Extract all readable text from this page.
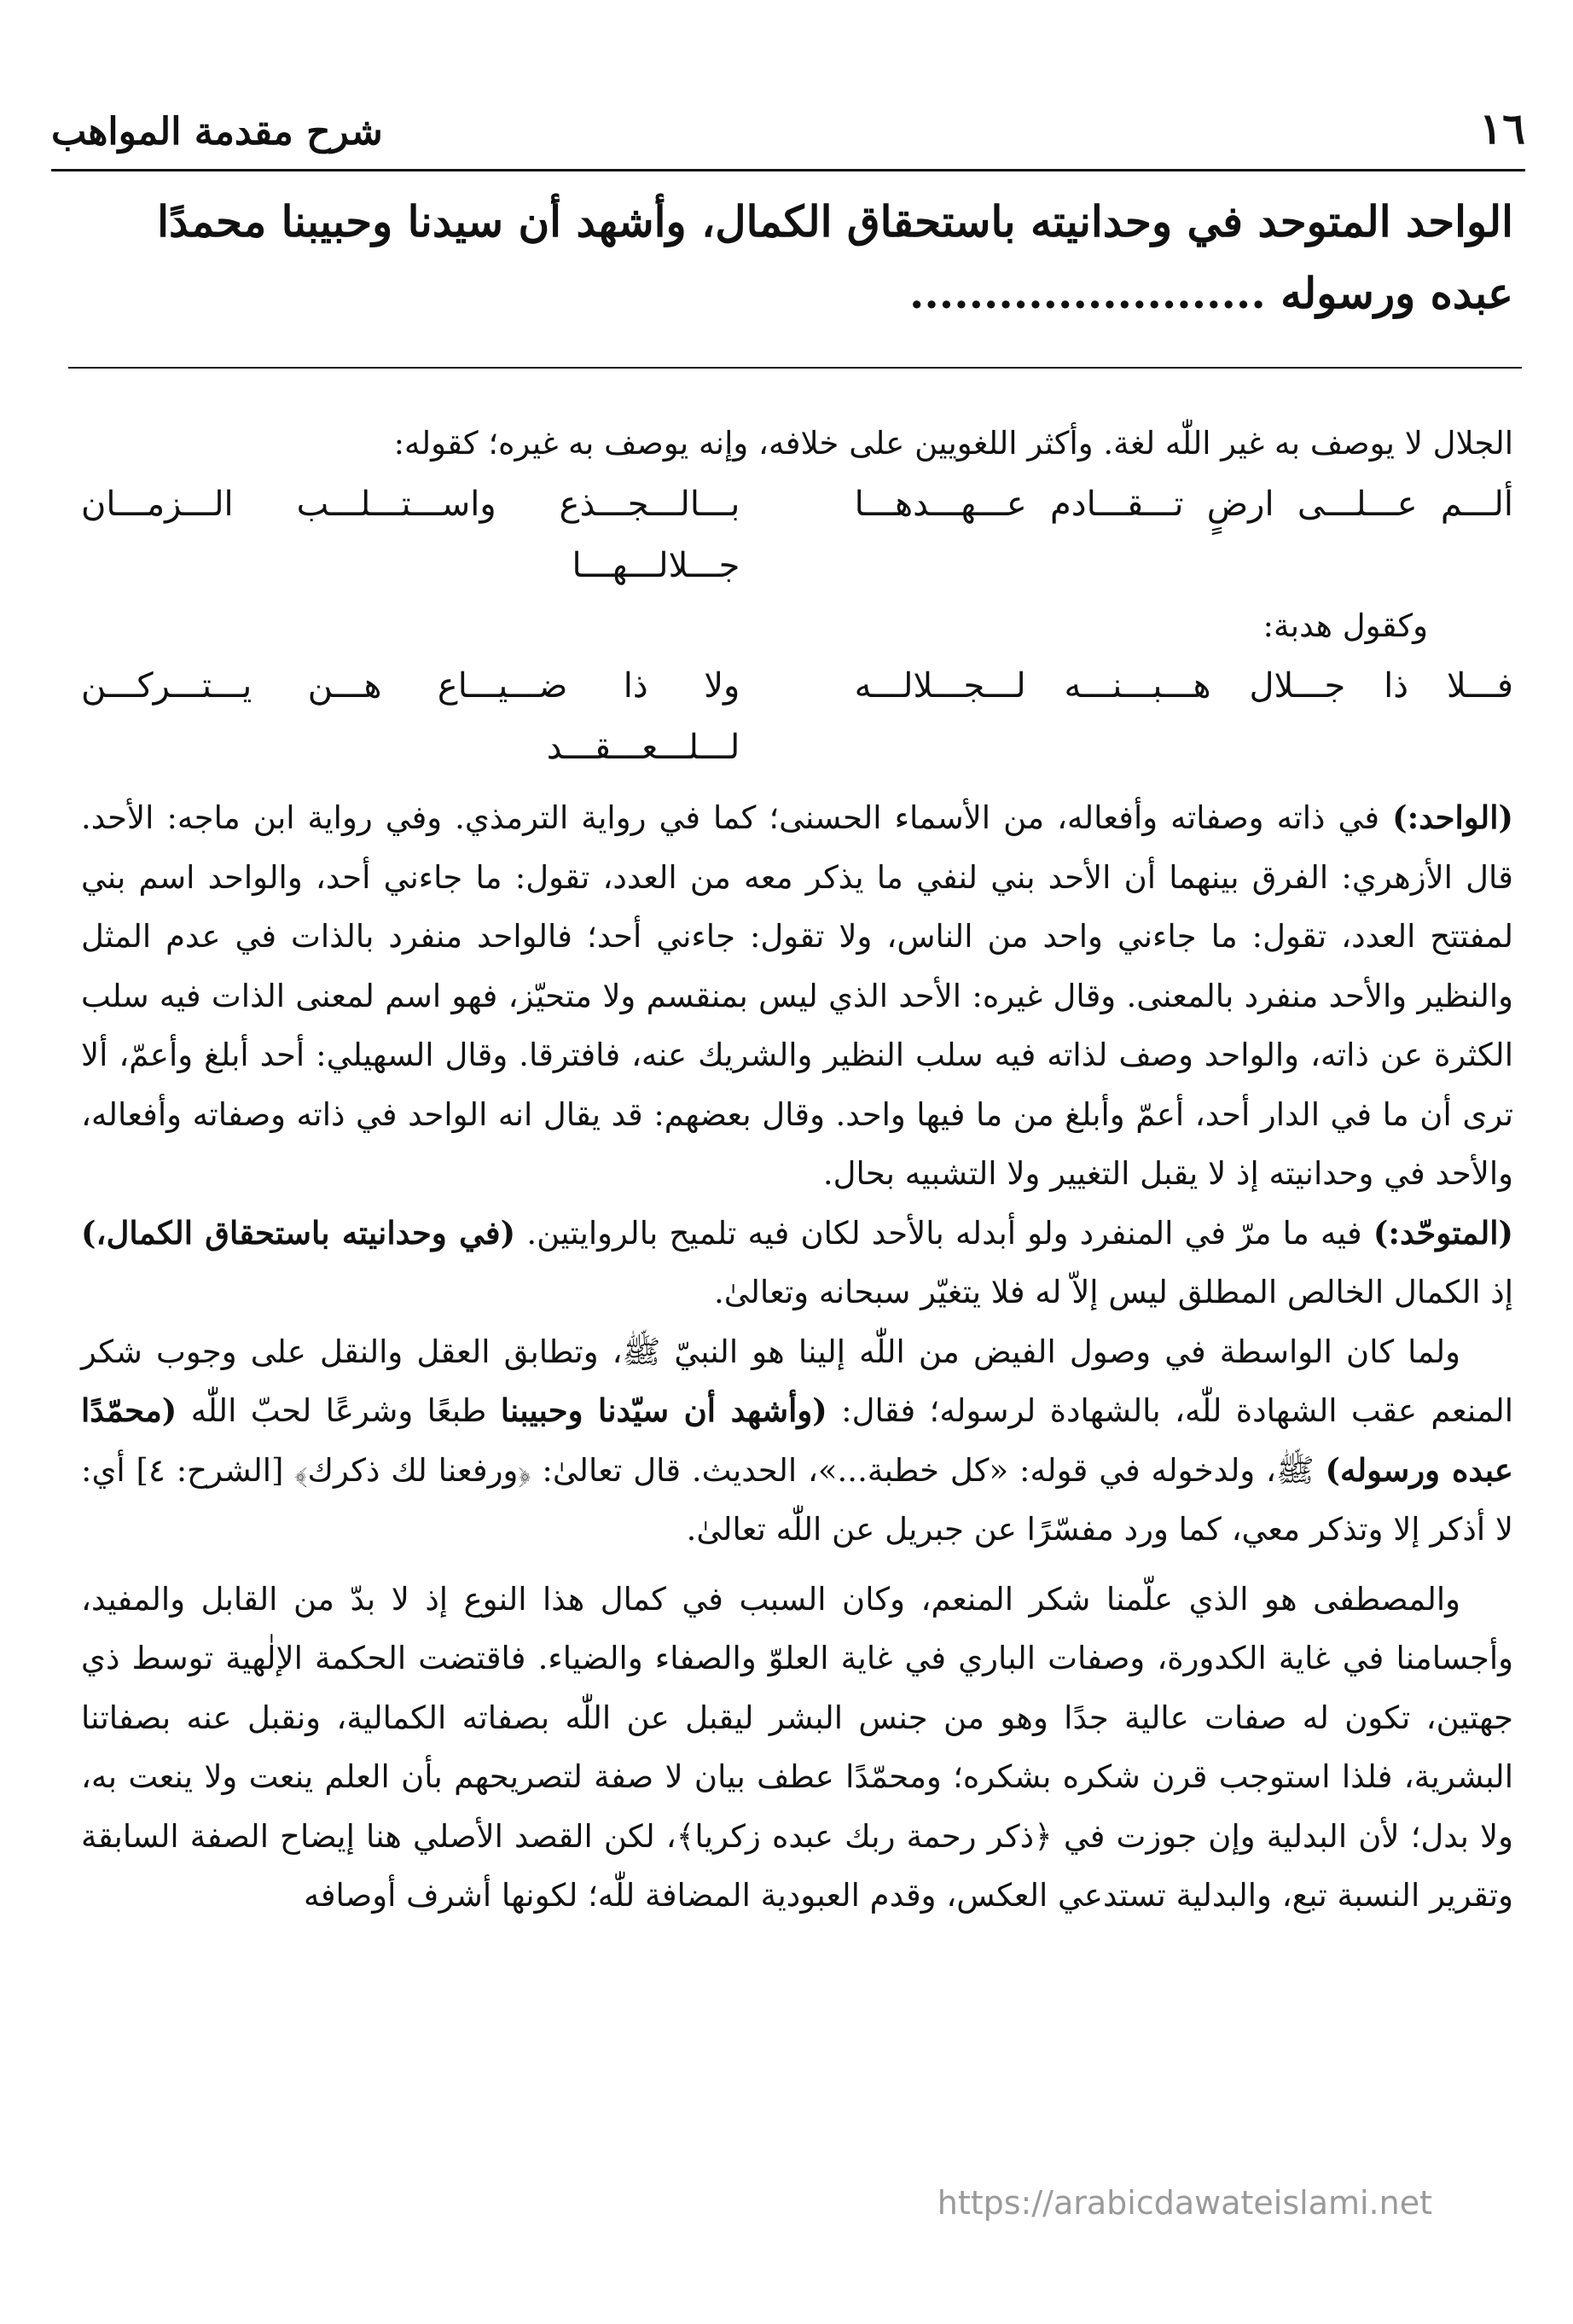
١٦
شرح مقدمة المواهب
الواحد المتوحد في وحدانيته باستحقاق الكمال، وأشهد أن سيدنا وحبيبنا محمدًا
عبده ورسوله ........................

الجلال لا يوصف به غير اللّٰه لغة. وأكثر اللغويين على خلافه، وإنه يوصف به غيره؛ كقوله:

ألـــم عـــلـــى ارضٍ تـــقـــادم عـــهـــدهـــا
بـــالـــجـــذع واســـتـــلـــب الـــزمـــان جـــلالـــهـــا

وكقول هدبة:

فـــلا ذا جـــلال هـــبـــنـــه لـــجـــلالـــه
ولا ذا ضـــيـــاع هـــن يـــتـــركـــن لـــلـــعـــقـــد

(الواحد:) في ذاته وصفاته وأفعاله، من الأسماء الحسنى؛ كما في رواية الترمذي. وفي رواية ابن ماجه: الأحد. قال الأزهري: الفرق بينهما أن الأحد بني لنفي ما يذكر معه من العدد، تقول: ما جاءني أحد، والواحد اسم بني لمفتتح العدد، تقول: ما جاءني واحد من الناس، ولا تقول: جاءني أحد؛ فالواحد منفرد بالذات في عدم المثل والنظير والأحد منفرد بالمعنى. وقال غيره: الأحد الذي ليس بمنقسم ولا متحيّز، فهو اسم لمعنى الذات فيه سلب الكثرة عن ذاته، والواحد وصف لذاته فيه سلب النظير والشريك عنه، فافترقا. وقال السهيلي: أحد أبلغ وأعمّ، ألا ترى أن ما في الدار أحد، أعمّ وأبلغ من ما فيها واحد. وقال بعضهم: قد يقال انه الواحد في ذاته وصفاته وأفعاله، والأحد في وحدانيته إذ لا يقبل التغيير ولا التشبيه بحال.

(المتوحّد:) فيه ما مرّ في المنفرد ولو أبدله بالأحد لكان فيه تلميح بالروايتين. (في وحدانيته باستحقاق الكمال،) إذ الكمال الخالص المطلق ليس إلاّ له فلا يتغيّر سبحانه وتعالىٰ.

ولما كان الواسطة في وصول الفيض من اللّٰه إلينا هو النبيّ ﷺ، وتطابق العقل والنقل على وجوب شكر المنعم عقب الشهادة للّٰه، بالشهادة لرسوله؛ فقال: (وأشهد أن سيّدنا وحبيبنا طبعًا وشرعًا لحبّ اللّٰه (محمّدًا عبده ورسوله) ﷺ، ولدخوله في قوله: «كل خطبة...»، الحديث. قال تعالىٰ: ﴿ورفعنا لك ذكرك﴾ [الشرح: ٤] أي: لا أذكر إلا وتذكر معي، كما ورد مفسّرًا عن جبريل عن اللّٰه تعالىٰ.

والمصطفى هو الذي علّمنا شكر المنعم، وكان السبب في كمال هذا النوع إذ لا بدّ من القابل والمفيد، وأجسامنا في غاية الكدورة، وصفات الباري في غاية العلوّ والصفاء والضياء. فاقتضت الحكمة الإلٰهية توسط ذي جهتين، تكون له صفات عالية جدًا وهو من جنس البشر ليقبل عن اللّٰه بصفاته الكمالية، ونقبل عنه بصفاتنا البشرية، فلذا استوجب قرن شكره بشكره؛ ومحمّدًا عطف بيان لا صفة لتصريحهم بأن العلم ينعت ولا ينعت به، ولا بدل؛ لأن البدلية وإن جوزت في ﴿ذكر رحمة ربك عبده زكريا﴾، لكن القصد الأصلي هنا إيضاح الصفة السابقة وتقرير النسبة تبع، والبدلية تستدعي العكس، وقدم العبودية المضافة للّٰه؛ لكونها أشرف أوصافه

https://arabicdawateislami.net
